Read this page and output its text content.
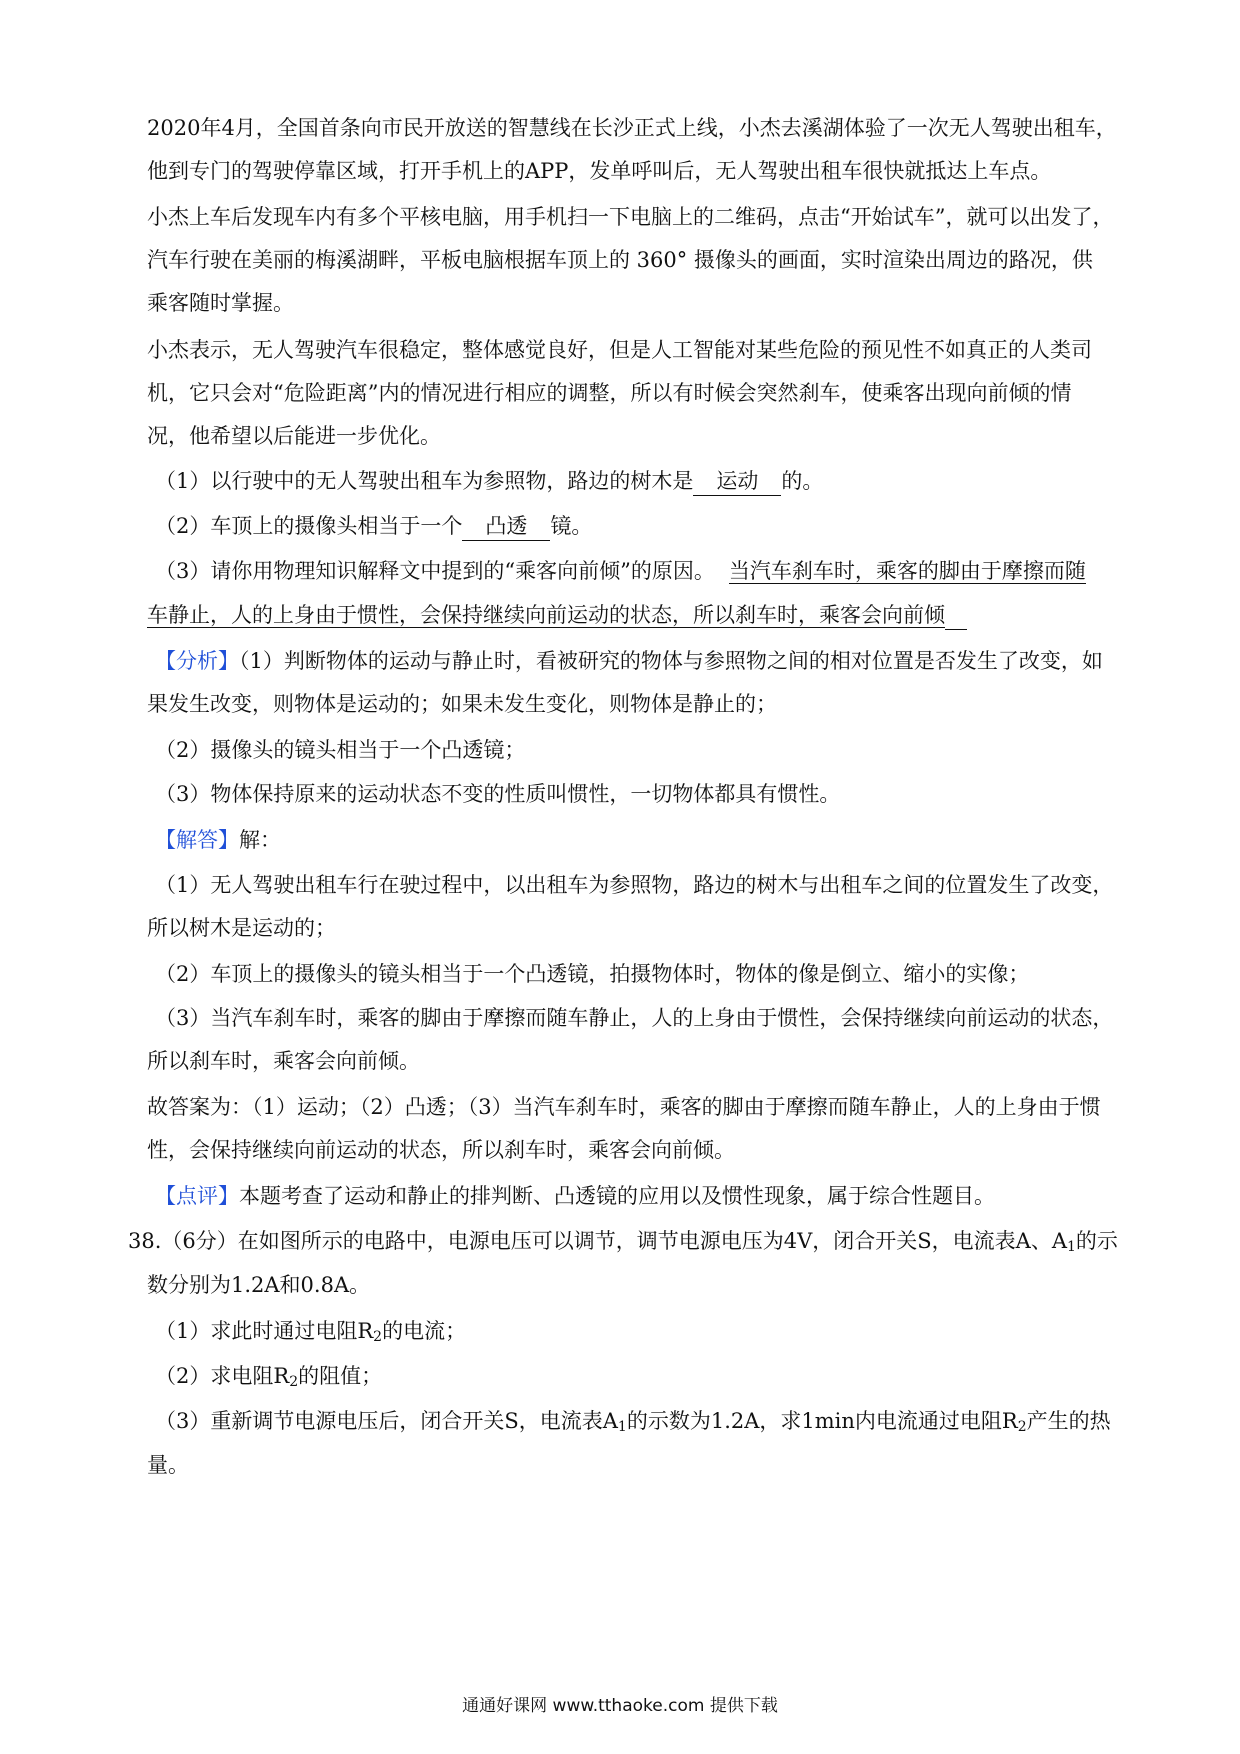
2020年4月，全国首条向市民开放送的智慧线在长沙正式上线，小杰去溪湖体验了一次无人驾驶出租车，
他到专门的驾驶停靠区域，打开手机上的APP，发单呼叫后，无人驾驶出租车很快就抵达上车点。
小杰上车后发现车内有多个平核电脑，用手机扫一下电脑上的二维码，点击“开始试车”，就可以出发了，
汽车行驶在美丽的梅溪湖畔，平板电脑根据车顶上的 360° 摄像头的画面，实时渲染出周边的路况，供
乘客随时掌握。
小杰表示，无人驾驶汽车很稳定，整体感觉良好，但是人工智能对某些危险的预见性不如真正的人类司
机，它只会对“危险距离”内的情况进行相应的调整，所以有时候会突然刹车，使乘客出现向前倾的情
况，他希望以后能进一步优化。
（1）以行驶中的无人驾驶出租车为参照物，路边的树木是 运动 的。
（2）车顶上的摄像头相当于一个 凸透 镜。
（3）请你用物理知识解释文中提到的“乘客向前倾”的原因。 当汽车刹车时，乘客的脚由于摩擦而随
车静止，人的上身由于惯性，会保持继续向前运动的状态，所以刹车时，乘客会向前倾
【分析】（1）判断物体的运动与静止时，看被研究的物体与参照物之间的相对位置是否发生了改变，如
果发生改变，则物体是运动的；如果未发生变化，则物体是静止的；
（2）摄像头的镜头相当于一个凸透镜；
（3）物体保持原来的运动状态不变的性质叫惯性，一切物体都具有惯性。
【解答】解：
（1）无人驾驶出租车行在驶过程中，以出租车为参照物，路边的树木与出租车之间的位置发生了改变，
所以树木是运动的；
（2）车顶上的摄像头的镜头相当于一个凸透镜，拍摄物体时，物体的像是倒立、缩小的实像；
（3）当汽车刹车时，乘客的脚由于摩擦而随车静止，人的上身由于惯性，会保持继续向前运动的状态，
所以刹车时，乘客会向前倾。
故答案为：（1）运动；（2）凸透；（3）当汽车刹车时，乘客的脚由于摩擦而随车静止，人的上身由于惯
性，会保持继续向前运动的状态，所以刹车时，乘客会向前倾。
【点评】本题考查了运动和静止的排判断、凸透镜的应用以及惯性现象，属于综合性题目。
38.（6分）在如图所示的电路中，电源电压可以调节，调节电源电压为4V，闭合开关S，电流表A、A1的示
数分别为1.2A和0.8A。
（1）求此时通过电阻R2的电流；
（2）求电阻R2的阻值；
（3）重新调节电源电压后，闭合开关S，电流表A1的示数为1.2A，求1min内电流通过电阻R2产生的热
量。
通通好课网 www.tthaoke.com 提供下载
